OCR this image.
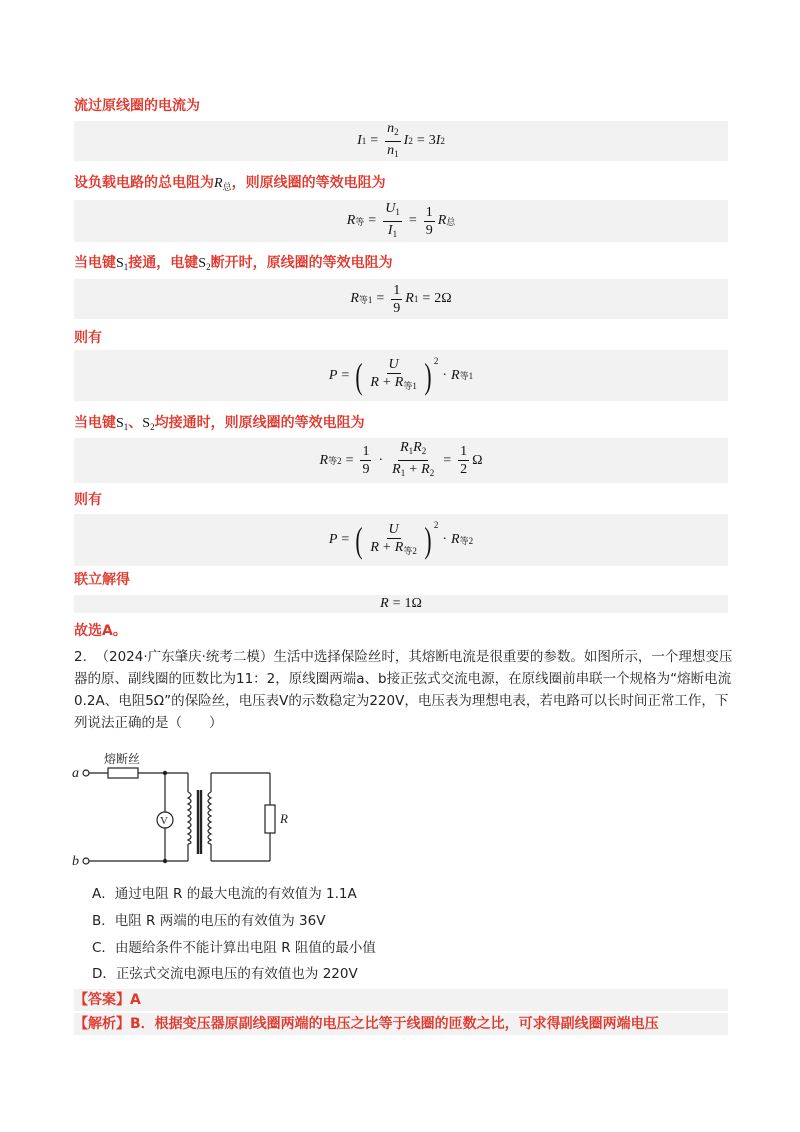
流过原线圈的电流为
I $1 = \frac{n_2}{n_1}$ I 2 = 3 I 2
设负载电路的总电阻为$R_总$，则原线圈的等效电阻为
R 等 = $\frac{U_1}{I_1} = \frac{1}{9}$ R 总
当电键$S_1$接通，电键$S_2$断开时，原线圈的等效电阻为
R 等$1 = \frac{1}{9}$ R 1 = 2Ω
则有
P = ( $\frac{U}{R + R_{等1}}$ ) 2
· R 等1
当电键$S_1$、$S_2$均接通时，则原线圈的等效电阻为
R 等$2 = \frac{1}{9} \cdot \frac{R_1R_2}{R_1 + R_2} = \frac{1}{2}$ Ω
则有
P = ( $\frac{U}{R + R_{等2}}$ ) 2
· R 等2
联立解得
R = 1Ω
故选A。
2. （2024·广东肇庆·统考二模）生活中选择保险丝时，其熔断电流是很重要的参数。如图所示，一个理想变压器的原、副线圈的匝数比为11：2，原线圈两端a、b接正弦式交流电源，在原线圈前串联一个规格为“熔断电流0.2A、电阻5Ω”的保险丝，电压表V的示数稳定为220V，电压表为理想电表，若电路可以长时间正常工作，下列说法正确的是（　　）
熔断丝
a
b
V	R
A．通过电阻 R 的最大电流的有效值为 1.1A
B．电阻 R 两端的电压的有效值为 36V
C．由题给条件不能计算出电阻 R 阻值的最小值
D．正弦式交流电源电压的有效值也为 220V
【答案】A
【解析】B．根据变压器原副线圈两端的电压之比等于线圈的匝数之比，可求得副线圈两端电压
